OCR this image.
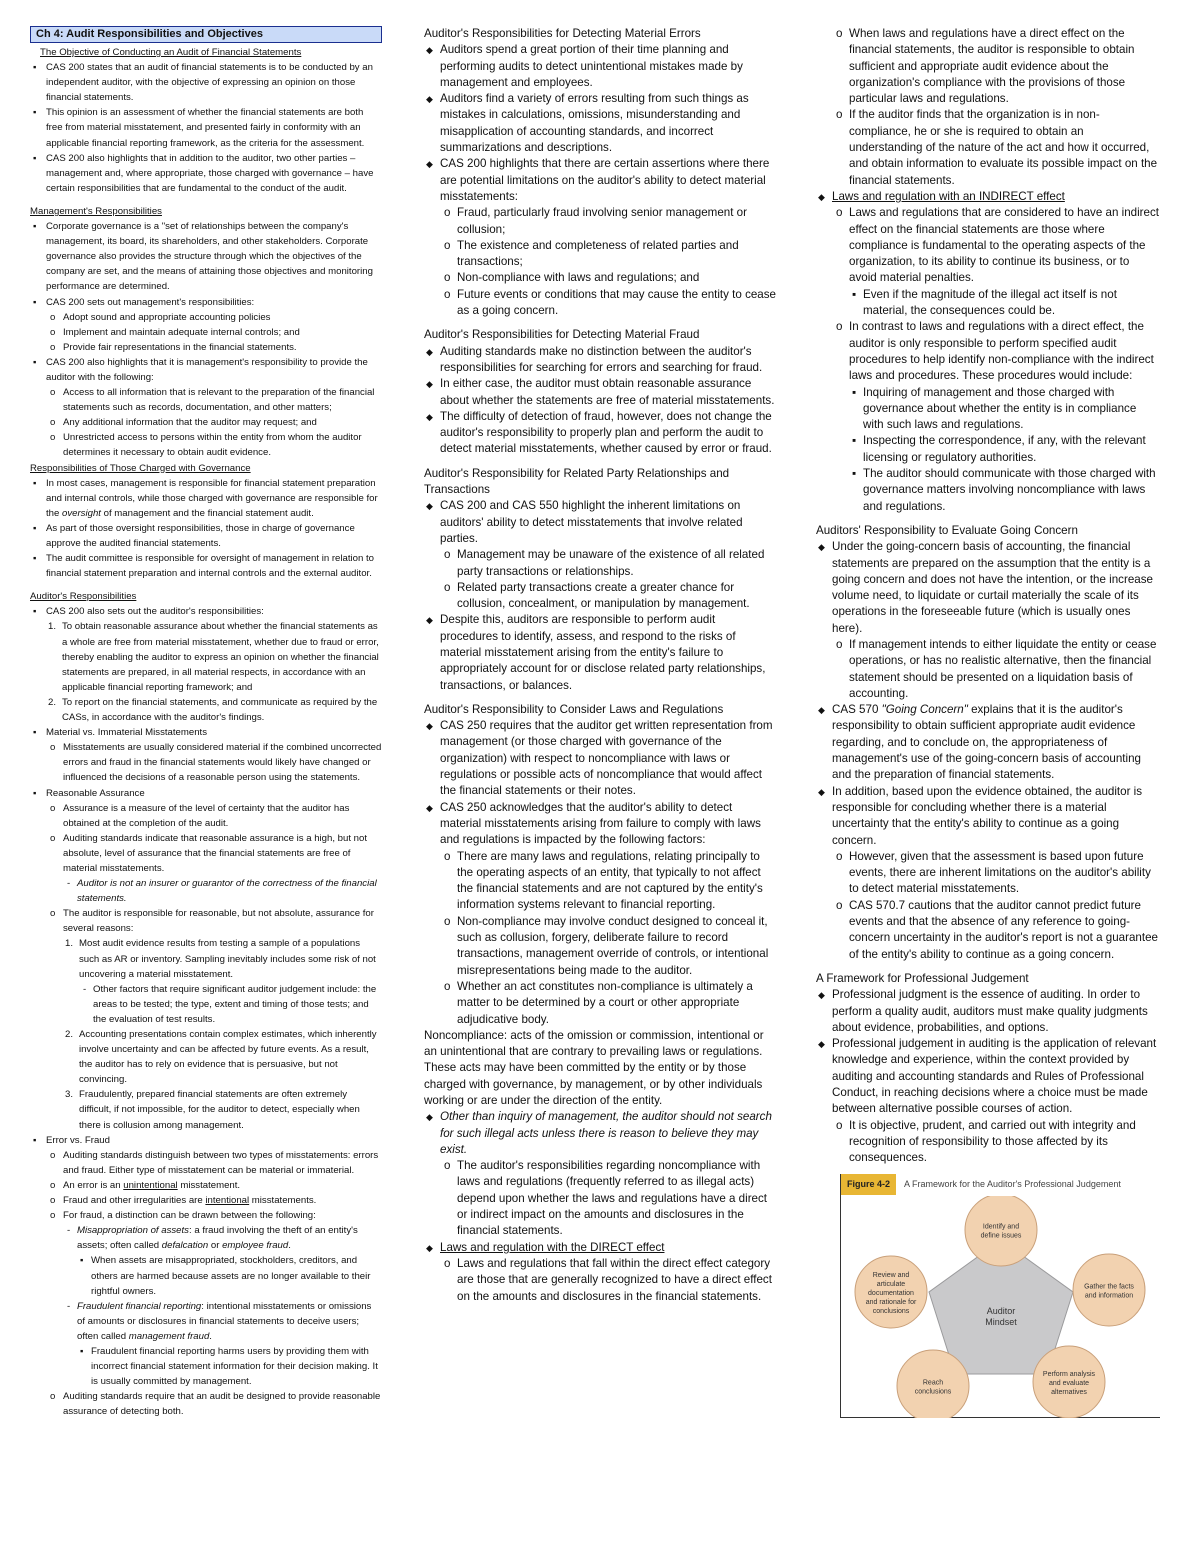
Ch 4: Audit Responsibilities and Objectives
The Objective of Conducting an Audit of Financial Statements
▪ CAS 200 states that an audit of financial statements is to be conducted by an independent auditor, with the objective of expressing an opinion on those financial statements.
▪ This opinion is an assessment of whether the financial statements are both free from material misstatement, and presented fairly in conformity with an applicable financial reporting framework, as the criteria for the assessment.
▪ CAS 200 also highlights that in addition to the auditor, two other parties – management and, where appropriate, those charged with governance – have certain responsibilities that are fundamental to the conduct of the audit.
Management's Responsibilities
▪ Corporate governance is a "set of relationships between the company's management, its board, its shareholders, and other stakeholders. Corporate governance also provides the structure through which the objectives of the company are set, and the means of attaining those objectives and monitoring performance are determined.
▪ CAS 200 sets out management's responsibilities:
o Adopt sound and appropriate accounting policies
o Implement and maintain adequate internal controls; and
o Provide fair representations in the financial statements.
▪ CAS 200 also highlights that it is management's responsibility to provide the auditor with the following:
o Access to all information that is relevant to the preparation of the financial statements such as records, documentation, and other matters;
o Any additional information that the auditor may request; and
o Unrestricted access to persons within the entity from whom the auditor determines it necessary to obtain audit evidence.
Responsibilities of Those Charged with Governance
▪ In most cases, management is responsible for financial statement preparation and internal controls, while those charged with governance are responsible for the oversight of management and the financial statement audit.
▪ As part of those oversight responsibilities, those in charge of governance approve the audited financial statements.
▪ The audit committee is responsible for oversight of management in relation to financial statement preparation and internal controls and the external auditor.
Auditor's Responsibilities
▪ CAS 200 also sets out the auditor's responsibilities:
1. To obtain reasonable assurance about whether the financial statements as a whole are free from material misstatement, whether due to fraud or error, thereby enabling the auditor to express an opinion on whether the financial statements are prepared, in all material respects, in accordance with an applicable financial reporting framework; and
2. To report on the financial statements, and communicate as required by the CASs, in accordance with the auditor's findings.
▪ Material vs. Immaterial Misstatements
o Misstatements are usually considered material if the combined uncorrected errors and fraud in the financial statements would likely have changed or influenced the decisions of a reasonable person using the statements.
▪ Reasonable Assurance
o Assurance is a measure of the level of certainty that the auditor has obtained at the completion of the audit.
o Auditing standards indicate that reasonable assurance is a high, but not absolute, level of assurance that the financial statements are free of material misstatements.
- Auditor is not an insurer or guarantor of the correctness of the financial statements.
o The auditor is responsible for reasonable, but not absolute, assurance for several reasons:
1. Most audit evidence results from testing a sample of a populations such as AR or inventory. Sampling inevitably includes some risk of not uncovering a material misstatement.
- Other factors that require significant auditor judgement include: the areas to be tested; the type, extent and timing of those tests; and the evaluation of test results.
2. Accounting presentations contain complex estimates, which inherently involve uncertainty and can be affected by future events. As a result, the auditor has to rely on evidence that is persuasive, but not convincing.
3. Fraudulently, prepared financial statements are often extremely difficult, if not impossible, for the auditor to detect, especially when there is collusion among management.
▪ Error vs. Fraud
o Auditing standards distinguish between two types of misstatements: errors and fraud. Either type of misstatement can be material or immaterial.
o An error is an unintentional misstatement.
o Fraud and other irregularities are intentional misstatements.
o For fraud, a distinction can be drawn between the following:
- Misappropriation of assets: a fraud involving the theft of an entity's assets; often called defalcation or employee fraud.
▪ When assets are misappropriated, stockholders, creditors, and others are harmed because assets are no longer available to their rightful owners.
- Fraudulent financial reporting: intentional misstatements or omissions of amounts or disclosures in financial statements to deceive users; often called management fraud.
▪ Fraudulent financial reporting harms users by providing them with incorrect financial statement information for their decision making. It is usually committed by management.
o Auditing standards require that an audit be designed to provide reasonable assurance of detecting both.
Auditor's Responsibilities for Detecting Material Errors
◆ Auditors spend a great portion of their time planning and performing audits to detect unintentional mistakes made by management and employees.
◆ Auditors find a variety of errors resulting from such things as mistakes in calculations, omissions, misunderstanding and misapplication of accounting standards, and incorrect summarizations and descriptions.
◆ CAS 200 highlights that there are certain assertions where there are potential limitations on the auditor's ability to detect material misstatements:
o Fraud, particularly fraud involving senior management or collusion;
o The existence and completeness of related parties and transactions;
o Non-compliance with laws and regulations; and
o Future events or conditions that may cause the entity to cease as a going concern.
Auditor's Responsibilities for Detecting Material Fraud
◆ Auditing standards make no distinction between the auditor's responsibilities for searching for errors and searching for fraud.
◆ In either case, the auditor must obtain reasonable assurance about whether the statements are free of material misstatements.
◆ The difficulty of detection of fraud, however, does not change the auditor's responsibility to properly plan and perform the audit to detect material misstatements, whether caused by error or fraud.
Auditor's Responsibility for Related Party Relationships and Transactions
◆ CAS 200 and CAS 550 highlight the inherent limitations on auditors' ability to detect misstatements that involve related parties.
o Management may be unaware of the existence of all related party transactions or relationships.
o Related party transactions create a greater chance for collusion, concealment, or manipulation by management.
◆ Despite this, auditors are responsible to perform audit procedures to identify, assess, and respond to the risks of material misstatement arising from the entity's failure to appropriately account for or disclose related party relationships, transactions, or balances.
Auditor's Responsibility to Consider Laws and Regulations
◆ CAS 250 requires that the auditor get written representation from management (or those charged with governance of the organization) with respect to noncompliance with laws or regulations or possible acts of noncompliance that would affect the financial statements or their notes.
◆ CAS 250 acknowledges that the auditor's ability to detect material misstatements arising from failure to comply with laws and regulations is impacted by the following factors:
o There are many laws and regulations, relating principally to the operating aspects of an entity, that typically to not affect the financial statements and are not captured by the entity's information systems relevant to financial reporting.
o Non-compliance may involve conduct designed to conceal it, such as collusion, forgery, deliberate failure to record transactions, management override of controls, or intentional misrepresentations being made to the auditor.
o Whether an act constitutes non-compliance is ultimately a matter to be determined by a court or other appropriate adjudicative body.
Noncompliance: acts of the omission or commission, intentional or an unintentional that are contrary to prevailing laws or regulations. These acts may have been committed by the entity or by those charged with governance, by management, or by other individuals working or are under the direction of the entity.
◆ Other than inquiry of management, the auditor should not search for such illegal acts unless there is reason to believe they may exist.
o The auditor's responsibilities regarding noncompliance with laws and regulations (frequently referred to as illegal acts) depend upon whether the laws and regulations have a direct or indirect impact on the amounts and disclosures in the financial statements.
◆ Laws and regulation with the DIRECT effect
o Laws and regulations that fall within the direct effect category are those that are generally recognized to have a direct effect on the amounts and disclosures in the financial statements.
o When laws and regulations have a direct effect on the financial statements, the auditor is responsible to obtain sufficient and appropriate audit evidence about the organization's compliance with the provisions of those particular laws and regulations.
o If the auditor finds that the organization is in non-compliance, he or she is required to obtain an understanding of the nature of the act and how it occurred, and obtain information to evaluate its possible impact on the financial statements.
◆ Laws and regulation with an INDIRECT effect
o Laws and regulations that are considered to have an indirect effect on the financial statements are those where compliance is fundamental to the operating aspects of the organization, to its ability to continue its business, or to avoid material penalties.
▪ Even if the magnitude of the illegal act itself is not material, the consequences could be.
o In contrast to laws and regulations with a direct effect, the auditor is only responsible to perform specified audit procedures to help identify non-compliance with the indirect laws and procedures. These procedures would include:
▪ Inquiring of management and those charged with governance about whether the entity is in compliance with such laws and regulations.
▪ Inspecting the correspondence, if any, with the relevant licensing or regulatory authorities.
▪ The auditor should communicate with those charged with governance matters involving noncompliance with laws and regulations.
Auditors' Responsibility to Evaluate Going Concern
◆ Under the going-concern basis of accounting, the financial statements are prepared on the assumption that the entity is a going concern and does not have the intention, or the increase volume need, to liquidate or curtail materially the scale of its operations in the foreseeable future (which is usually ones here).
o If management intends to either liquidate the entity or cease operations, or has no realistic alternative, then the financial statement should be presented on a liquidation basis of accounting.
◆ CAS 570 "Going Concern" explains that it is the auditor's responsibility to obtain sufficient appropriate audit evidence regarding, and to conclude on, the appropriateness of management's use of the going-concern basis of accounting and the preparation of financial statements.
◆ In addition, based upon the evidence obtained, the auditor is responsible for concluding whether there is a material uncertainty that the entity's ability to continue as a going concern.
o However, given that the assessment is based upon future events, there are inherent limitations on the auditor's ability to detect material misstatements.
o CAS 570.7 cautions that the auditor cannot predict future events and that the absence of any reference to going-concern uncertainty in the auditor's report is not a guarantee of the entity's ability to continue as a going concern.
A Framework for Professional Judgement
◆ Professional judgment is the essence of auditing. In order to perform a quality audit, auditors must make quality judgments about evidence, probabilities, and options.
◆ Professional judgement in auditing is the application of relevant knowledge and experience, within the context provided by auditing and accounting standards and Rules of Professional Conduct, in reaching decisions where a choice must be made between alternative possible courses of action.
o It is objective, prudent, and carried out with integrity and recognition of responsibility to those affected by its consequences.
Figure 4-2	A Framework for the Auditor's Professional Judgement
Auditor Mindset
Identify and define issues
Gather the facts and information
Perform analysis and evaluate alternatives
Reach conclusions
Review and articulate documentation and rationale for conclusions
